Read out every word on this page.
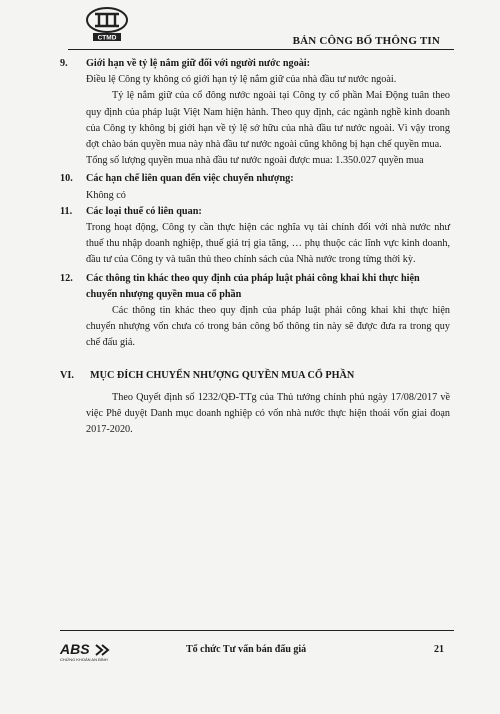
CTMD	BẢN CÔNG BỐ THÔNG TIN
9.	Giới hạn về tỷ lệ nắm giữ đối với người nước ngoài:

Điều lệ Công ty không có giới hạn tỷ lệ nắm giữ của nhà đầu tư nước ngoài.

Tỷ lệ nắm giữ của cổ đông nước ngoài tại Công ty cổ phần Mai Động tuân theo quy định của pháp luật Việt Nam hiện hành. Theo quy định, các ngành nghề kinh doanh của Công ty không bị giới hạn về tỷ lệ sở hữu của nhà đầu tư nước ngoài. Vì vậy trong đợt chào bán quyền mua này nhà đầu tư nước ngoài cũng không bị hạn chế quyền mua.

Tổng số lượng quyền mua nhà đầu tư nước ngoài được mua: 1.350.027 quyền mua

10.	Các hạn chế liên quan đến việc chuyển nhượng:

Không có

11.	Các loại thuế có liên quan:

Trong hoạt động, Công ty cần thực hiện các nghĩa vụ tài chính đối với nhà nước như thuế thu nhập doanh nghiệp, thuế giá trị gia tăng, … phụ thuộc các lĩnh vực kinh doanh, đầu tư của Công ty và tuân thủ theo chính sách của Nhà nước trong từng thời kỳ.

12.	Các thông tin khác theo quy định của pháp luật phải công khai khi thực hiện chuyển nhượng quyền mua cổ phần

Các thông tin khác theo quy định của pháp luật phải công khai khi thực hiện chuyển nhượng vốn chưa có trong bản công bố thông tin này sẽ được đưa ra trong quy chế đấu giá.

VI.	MỤC ĐÍCH CHUYỂN NHƯỢNG QUYỀN MUA CỔ PHẦN

Theo Quyết định số 1232/QĐ-TTg của Thủ tướng chính phủ ngày 17/08/2017 về việc Phê duyệt Danh mục doanh nghiệp có vốn nhà nước thực hiện thoái vốn giai đoạn 2017-2020.

ABS
CHỨNG KHOÁN AN BÌNH
Tổ chức Tư vấn bán đấu giá	21
